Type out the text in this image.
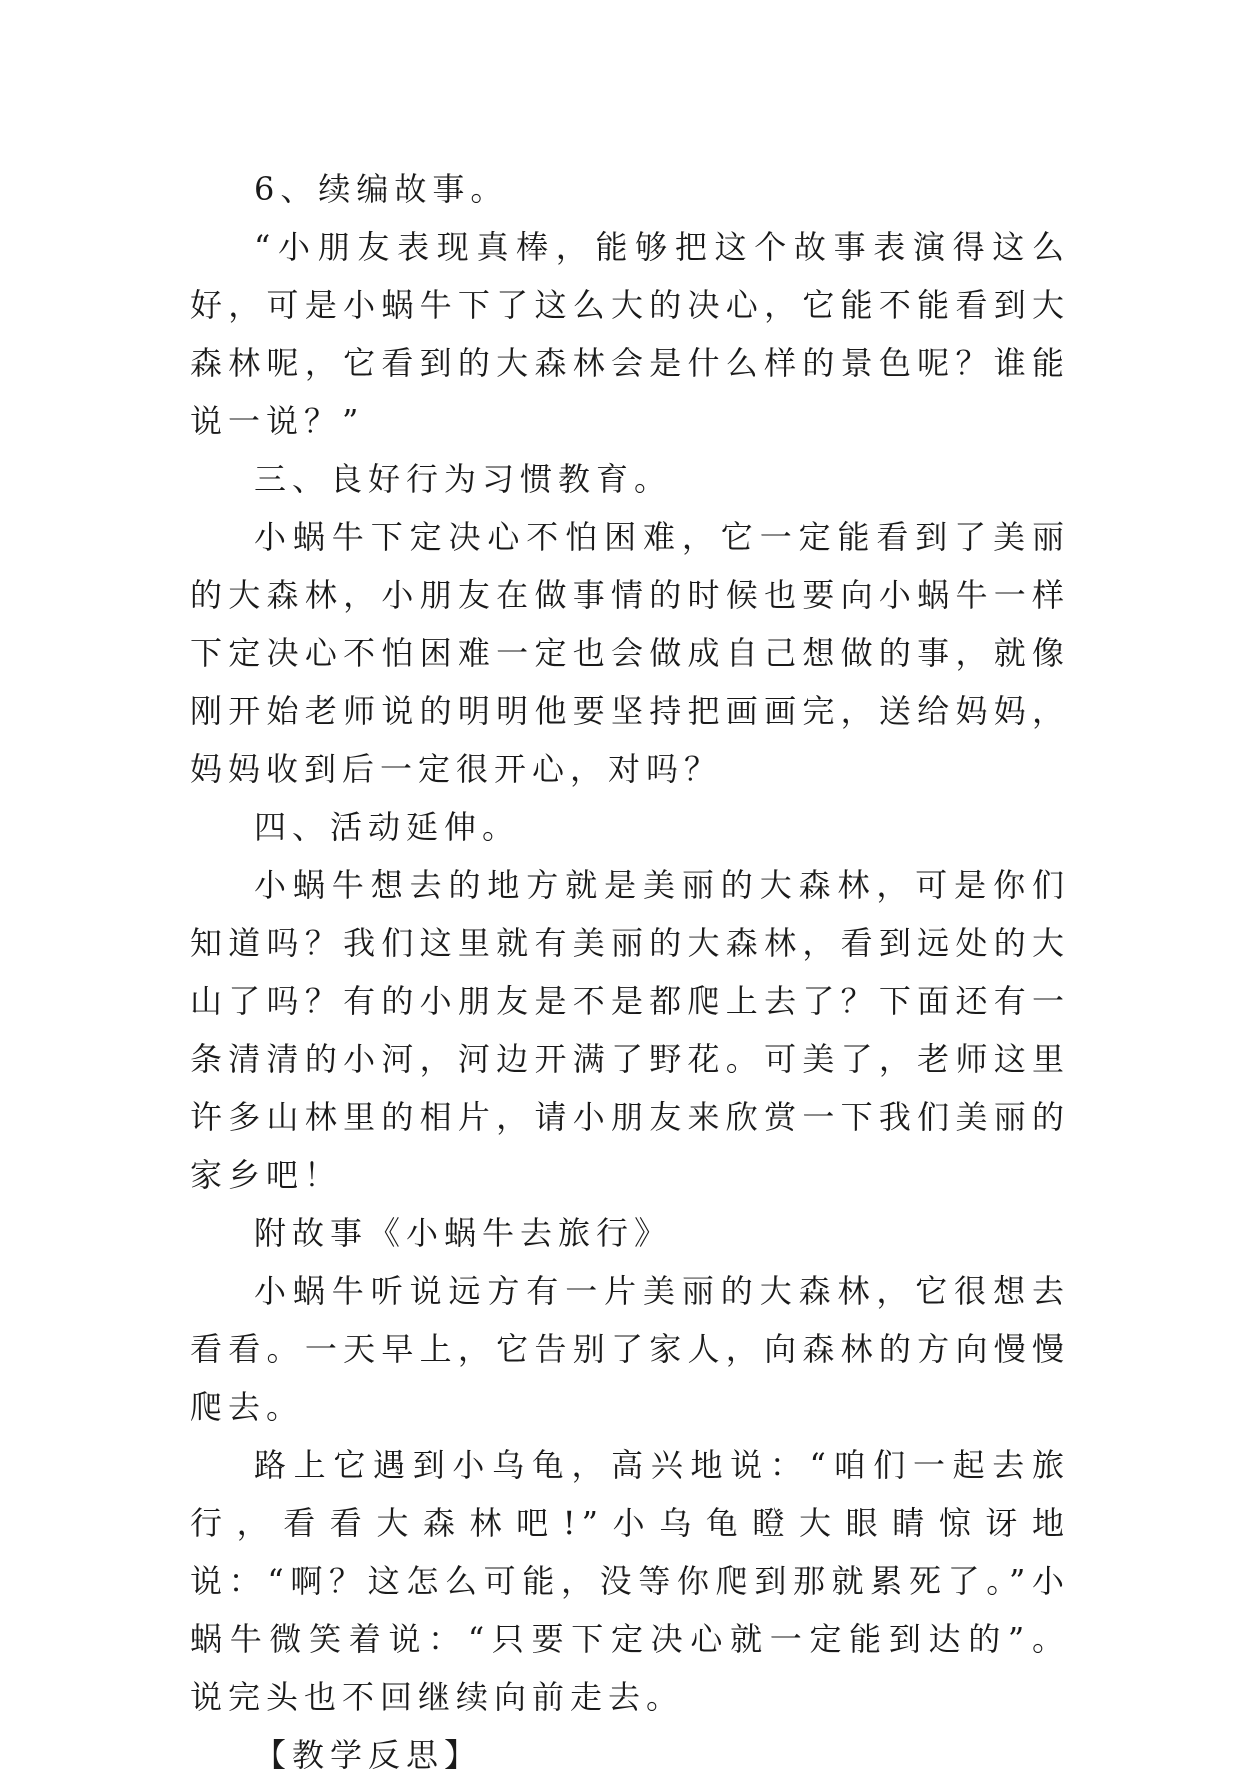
6、续编故事。

“小朋友表现真棒，能够把这个故事表演得这么好，可是小蜗牛下了这么大的决心，它能不能看到大森林呢，它看到的大森林会是什么样的景色呢？谁能说一说？”

三、良好行为习惯教育。

小蜗牛下定决心不怕困难，它一定能看到了美丽的大森林，小朋友在做事情的时候也要向小蜗牛一样下定决心不怕困难一定也会做成自己想做的事，就像刚开始老师说的明明他要坚持把画画完，送给妈妈，妈妈收到后一定很开心，对吗？

四、活动延伸。

小蜗牛想去的地方就是美丽的大森林，可是你们知道吗？我们这里就有美丽的大森林，看到远处的大山了吗？有的小朋友是不是都爬上去了？下面还有一条清清的小河，河边开满了野花。可美了，老师这里许多山林里的相片，请小朋友来欣赏一下我们美丽的家乡吧！

附故事《小蜗牛去旅行》

小蜗牛听说远方有一片美丽的大森林，它很想去看看。一天早上，它告别了家人，向森林的方向慢慢爬去。

路上它遇到小乌龟，高兴地说：“咱们一起去旅行，看看大森林吧!”小乌龟瞪大眼睛惊讶地说：“啊？这怎么可能，没等你爬到那就累死了。”小蜗牛微笑着说：“只要下定决心就一定能到达的”。说完头也不回继续向前走去。

【教学反思】
